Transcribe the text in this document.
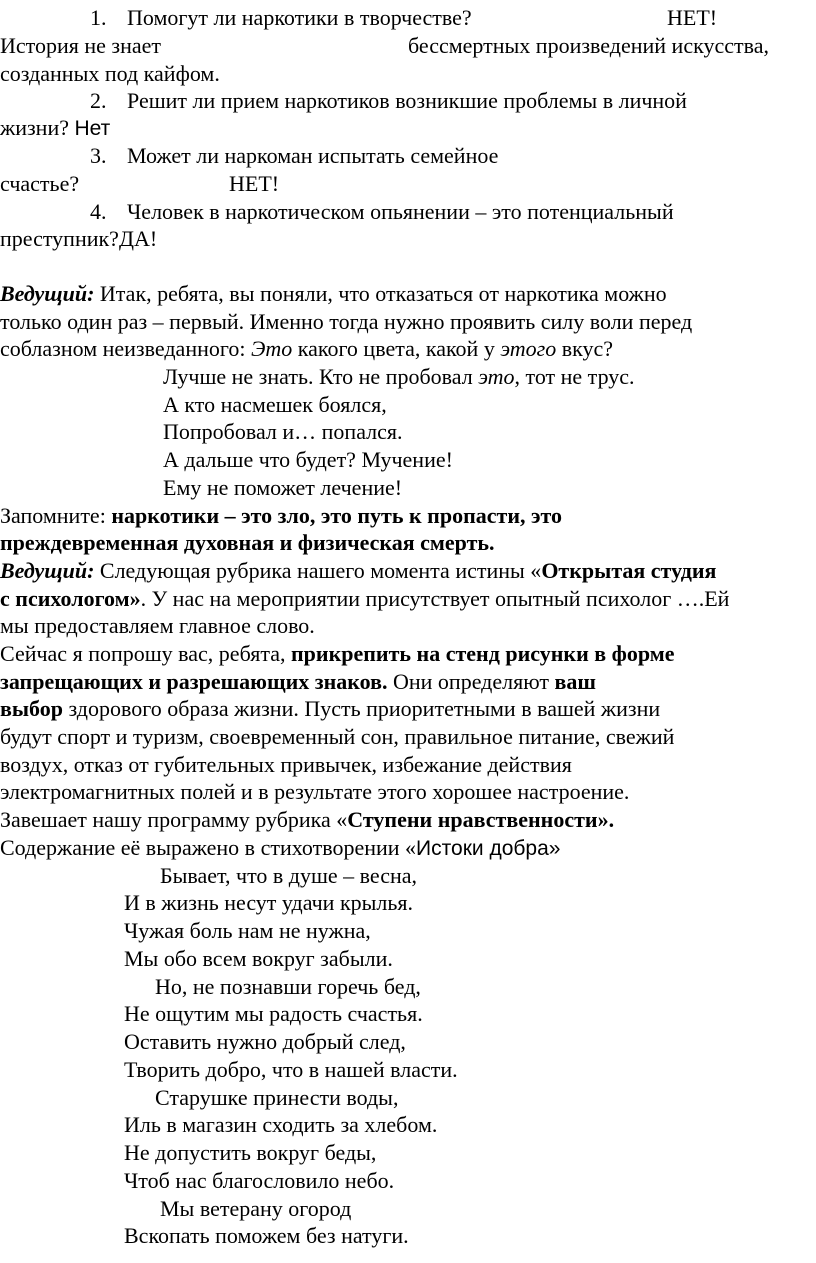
1. Помогут ли наркотики в творчестве?	НЕТ!
История не знает	бессмертных произведений искусства,
созданных под кайфом.
2. Решит ли прием наркотиков возникшие проблемы в личной
жизни? Нет
3. Может ли наркоман испытать семейное
счастье?	НЕТ!
4. Человек в наркотическом опьянении – это потенциальный
преступник?ДА!
Ведущий: Итак, ребята, вы поняли, что отказаться от наркотика можно
только один раз – первый. Именно тогда нужно проявить силу воли перед
соблазном неизведанного: Это какого цвета, какой у этого вкус?
Лучше не знать. Кто не пробовал это, тот не трус.
А кто насмешек боялся,
Попробовал и… попался.
А дальше что будет? Мучение!
Ему не поможет лечение!
Запомните: наркотики – это зло, это путь к пропасти, это
преждевременная духовная и физическая смерть.
Ведущий: Следующая рубрика нашего момента истины «Открытая студия
с психологом». У нас на мероприятии присутствует опытный психолог ….Ей
мы предоставляем главное слово.
Сейчас я попрошу вас, ребята, прикрепить на стенд рисунки в форме
запрещающих и разрешающих знаков. Они определяют ваш
выбор здорового образа жизни. Пусть приоритетными в вашей жизни
будут спорт и туризм, своевременный сон, правильное питание, свежий
воздух, отказ от губительных привычек, избежание действия
электромагнитных полей и в результате этого хорошее настроение.
Завешает нашу программу рубрика «Ступени нравственности».
Содержание её выражено в стихотворении «Истоки добра»
Бывает, что в душе – весна,
И в жизнь несут удачи крылья.
Чужая боль нам не нужна,
Мы обо всем вокруг забыли.
Но, не познавши горечь бед,
Не ощутим мы радость счастья.
Оставить нужно добрый след,
Творить добро, что в нашей власти.
Старушке принести воды,
Иль в магазин сходить за хлебом.
Не допустить вокруг беды,
Чтоб нас благословило небо.
Мы ветерану огород
Вскопать поможем без натуги.
